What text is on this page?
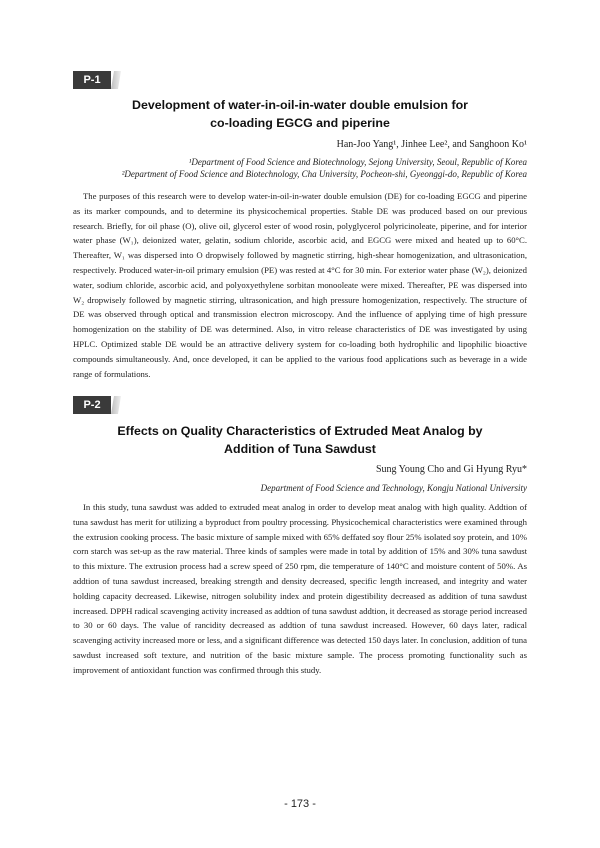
P-1
Development of water-in-oil-in-water double emulsion for
co-loading EGCG and piperine
Han-Joo Yang¹, Jinhee Lee², and Sanghoon Ko¹
¹Department of Food Science and Biotechnology, Sejong University, Seoul, Republic of Korea
²Department of Food Science and Biotechnology, Cha University, Pocheon-shi, Gyeonggi-do, Republic of Korea

The purposes of this research were to develop water-in-oil-in-water double emulsion (DE) for co-loading EGCG and piperine as its marker compounds, and to determine its physicochemical properties. Stable DE was produced based on our previous research. Briefly, for oil phase (O), olive oil, glycerol ester of wood rosin, polyglycerol polyricinoleate, piperine, and for interior water phase (W₁), deionized water, gelatin, sodium chloride, ascorbic acid, and EGCG were mixed and heated up to 60°C. Thereafter, W₁ was dispersed into O dropwisely followed by magnetic stirring, high-shear homogenization, and ultrasonication, respectively. Produced water-in-oil primary emulsion (PE) was rested at 4°C for 30 min. For exterior water phase (W₂), deionized water, sodium chloride, ascorbic acid, and polyoxyethylene sorbitan monooleate were mixed. Thereafter, PE was dispersed into W₂ dropwisely followed by magnetic stirring, ultrasonication, and high pressure homogenization, respectively. The structure of DE was observed through optical and transmission electron microscopy. And the influence of applying time of high pressure homogenization on the stability of DE was determined. Also, in vitro release characteristics of DE was investigated by using HPLC. Optimized stable DE would be an attractive delivery system for co-loading both hydrophilic and lipophilic bioactive compounds simultaneously. And, once developed, it can be applied to the various food applications such as beverage in a wide range of formulations.

P-2
Effects on Quality Characteristics of Extruded Meat Analog by
Addition of Tuna Sawdust
Sung Young Cho and Gi Hyung Ryu*
Department of Food Science and Technology, Kongju National University

In this study, tuna sawdust was added to extruded meat analog in order to develop meat analog with high quality. Addtion of tuna sawdust has merit for utilizing a byproduct from poultry processing. Physicochemical characteristics were examined through the extrusion cooking process. The basic mixture of sample mixed with 65% deffated soy flour 25% isolated soy protein, and 10% corn starch was set-up as the raw material. Three kinds of samples were made in total by addition of 15% and 30% tuna sawdust to this mixture. The extrusion process had a screw speed of 250 rpm, die temperature of 140°C and moisture content of 50%. As addtion of tuna sawdust increased, breaking strength and density decreased, specific length increased, and integrity and water holding capacity decreased. Likewise, nitrogen solubility index and protein digestibility decreased as addition of tuna sawdust increased. DPPH radical scavenging activity increased as addtion of tuna sawdust addtion, it decreased as storage period increased to 30 or 60 days. The value of rancidity decreased as addtion of tuna sawdust increased. However, 60 days later, radical scavenging activity increased more or less, and a significant difference was detected 150 days later. In conclusion, addition of tuna sawdust increased soft texture, and nutrition of the basic mixture sample. The process promoting functionality such as improvement of antioxidant function was confirmed through this study.

- 173 -
